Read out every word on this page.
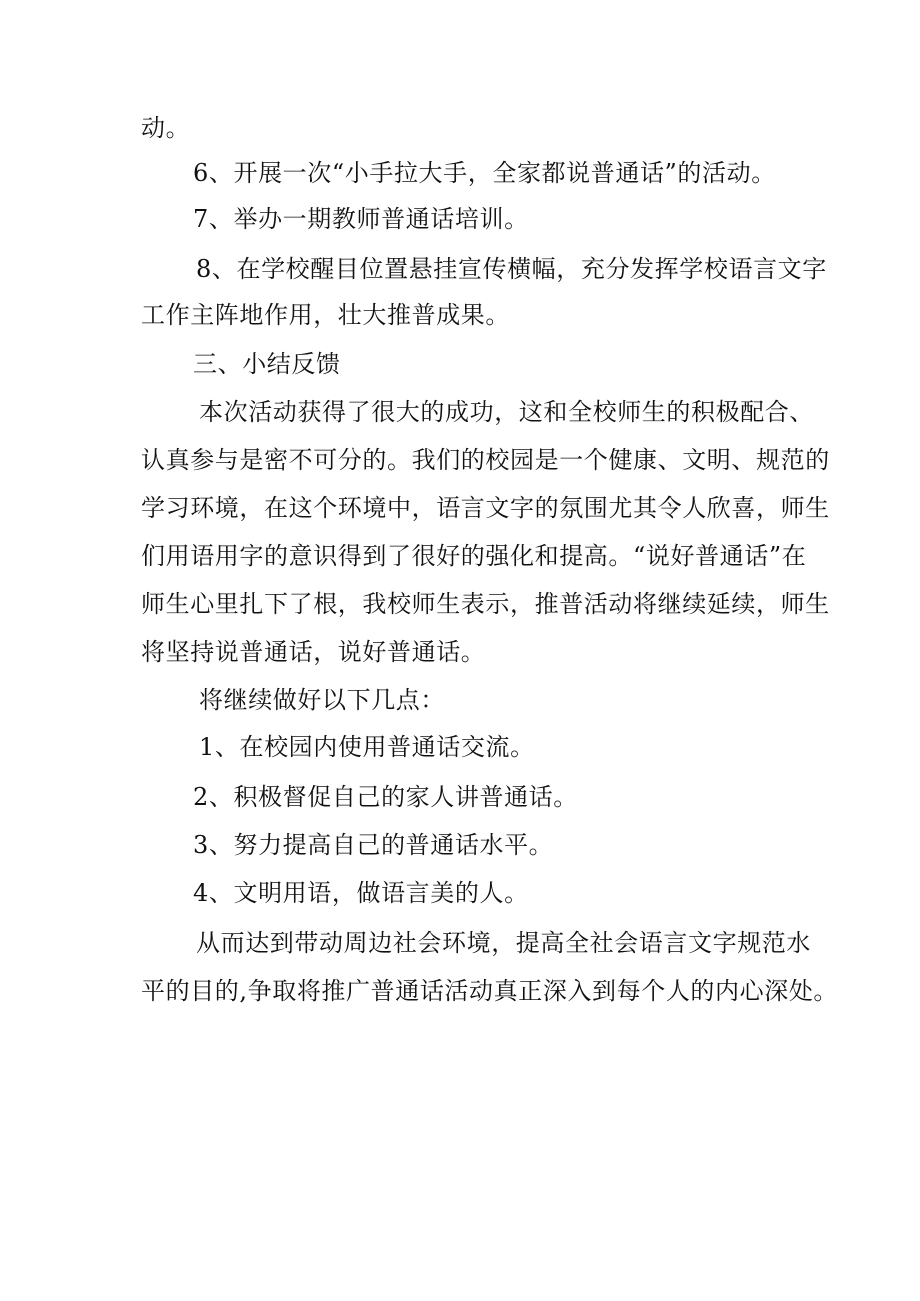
动。
6、开展一次“小手拉大手，全家都说普通话”的活动。
7、举办一期教师普通话培训。
8、在学校醒目位置悬挂宣传横幅，充分发挥学校语言文字
工作主阵地作用，壮大推普成果。
三、小结反馈
本次活动获得了很大的成功，这和全校师生的积极配合、
认真参与是密不可分的。我们的校园是一个健康、文明、规范的
学习环境，在这个环境中，语言文字的氛围尤其令人欣喜，师生
们用语用字的意识得到了很好的强化和提高。“说好普通话”在
师生心里扎下了根，我校师生表示，推普活动将继续延续，师生
将坚持说普通话，说好普通话。
将继续做好以下几点：
1、在校园内使用普通话交流。
2、积极督促自己的家人讲普通话。
3、努力提高自己的普通话水平。
4、文明用语，做语言美的人。
从而达到带动周边社会环境，提高全社会语言文字规范水
平的目的,争取将推广普通话活动真正深入到每个人的内心深处。
